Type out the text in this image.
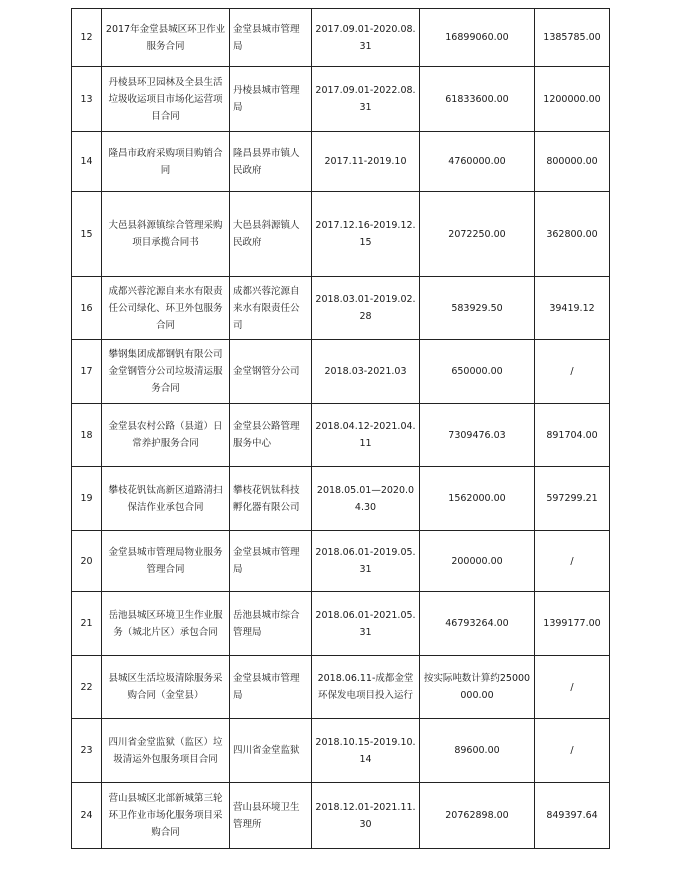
12	2017年金堂县城区环卫作业服务合同	金堂县城市管理局	2017.09.01-2020.08.31	16899060.00	1385785.00
13	丹棱县环卫园林及全县生活垃圾收运项目市场化运营项目合同	丹棱县城市管理局	2017.09.01-2022.08.31	61833600.00	1200000.00
14	隆昌市政府采购项目购销合同	隆昌县界市镇人民政府	2017.11-2019.10	4760000.00	800000.00
15	大邑县斜源镇综合管理采购项目承揽合同书	大邑县斜源镇人民政府	2017.12.16-2019.12.15	2072250.00	362800.00
16	成都兴蓉沱源自来水有限责任公司绿化、环卫外包服务合同	成都兴蓉沱源自来水有限责任公司	2018.03.01-2019.02.28	583929.50	39419.12
17	攀钢集团成都钢钒有限公司金堂钢管分公司垃圾清运服务合同	金堂钢管分公司	2018.03-2021.03	650000.00	/
18	金堂县农村公路（县道）日常养护服务合同	金堂县公路管理服务中心	2018.04.12-2021.04.11	7309476.03	891704.00
19	攀枝花钒钛高新区道路清扫保洁作业承包合同	攀枝花钒钛科技孵化器有限公司	2018.05.01—2020.04.30	1562000.00	597299.21
20	金堂县城市管理局物业服务管理合同	金堂县城市管理局	2018.06.01-2019.05.31	200000.00	/
21	岳池县城区环境卫生作业服务（城北片区）承包合同	岳池县城市综合管理局	2018.06.01-2021.05.31	46793264.00	1399177.00
22	县城区生活垃圾清除服务采购合同（金堂县）	金堂县城市管理局	2018.06.11-成都金堂环保发电项目投入运行	按实际吨数计算约25000000.00	/
23	四川省金堂监狱（监区）垃圾清运外包服务项目合同	四川省金堂监狱	2018.10.15-2019.10.14	89600.00	/
24	营山县城区北部新城第三轮环卫作业市场化服务项目采购合同	营山县环境卫生管理所	2018.12.01-2021.11.30	20762898.00	849397.64
